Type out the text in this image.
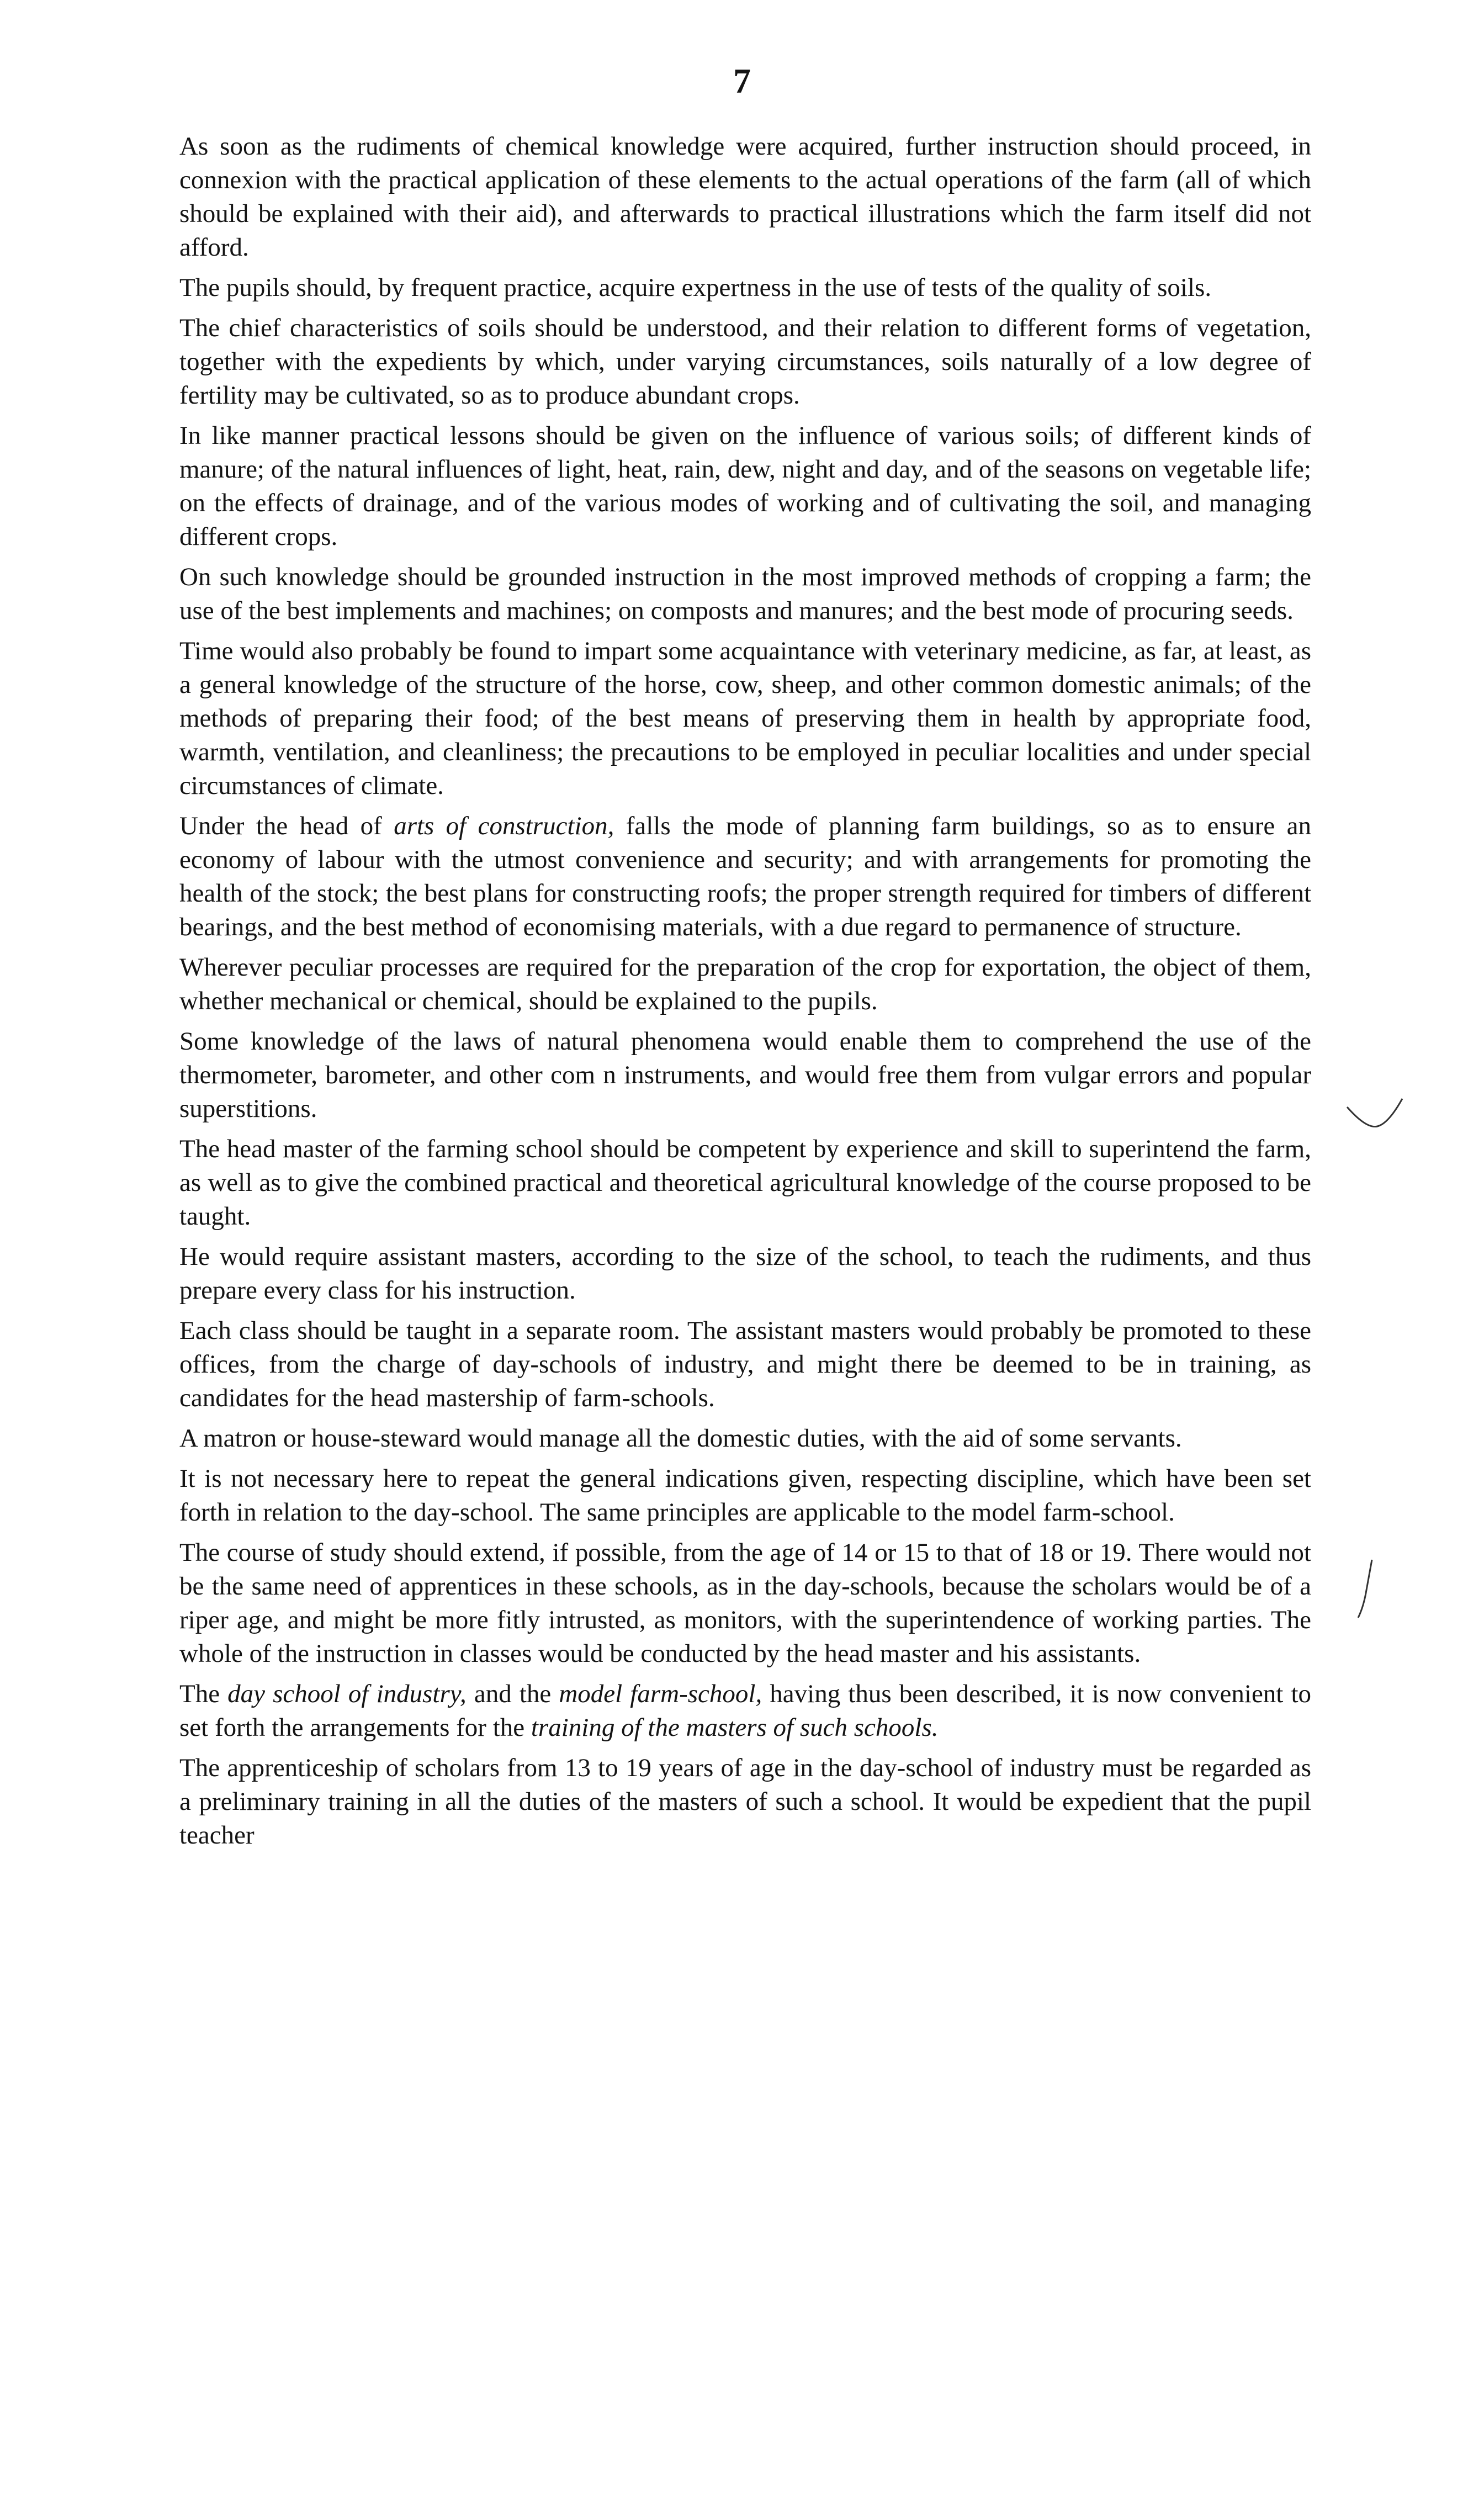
7

As soon as the rudiments of chemical knowledge were acquired, further instruction should proceed, in connexion with the practical application of these elements to the actual operations of the farm (all of which should be explained with their aid), and afterwards to practical illustrations which the farm itself did not afford.

The pupils should, by frequent practice, acquire expertness in the use of tests of the quality of soils.

The chief characteristics of soils should be understood, and their relation to different forms of vegetation, together with the expedients by which, under varying circumstances, soils naturally of a low degree of fertility may be cultivated, so as to produce abundant crops.

In like manner practical lessons should be given on the influence of various soils; of different kinds of manure; of the natural influences of light, heat, rain, dew, night and day, and of the seasons on vegetable life; on the effects of drainage, and of the various modes of working and of cultivating the soil, and managing different crops.

On such knowledge should be grounded instruction in the most improved methods of cropping a farm; the use of the best implements and machines; on composts and manures; and the best mode of procuring seeds.

Time would also probably be found to impart some acquaintance with veterinary medicine, as far, at least, as a general knowledge of the structure of the horse, cow, sheep, and other common domestic animals; of the methods of preparing their food; of the best means of preserving them in health by appropriate food, warmth, ventilation, and cleanliness; the precautions to be employed in peculiar localities and under special circumstances of climate.

Under the head of arts of construction, falls the mode of planning farm buildings, so as to ensure an economy of labour with the utmost convenience and security; and with arrangements for promoting the health of the stock; the best plans for constructing roofs; the proper strength required for timbers of different bearings, and the best method of economising materials, with a due regard to permanence of structure.

Wherever peculiar processes are required for the preparation of the crop for exportation, the object of them, whether mechanical or chemical, should be explained to the pupils.

Some knowledge of the laws of natural phenomena would enable them to comprehend the use of the thermometer, barometer, and other com n instruments, and would free them from vulgar errors and popular superstitions.

The head master of the farming school should be competent by experience and skill to superintend the farm, as well as to give the combined practical and theoretical agricultural knowledge of the course proposed to be taught.

He would require assistant masters, according to the size of the school, to teach the rudiments, and thus prepare every class for his instruction.

Each class should be taught in a separate room. The assistant masters would probably be promoted to these offices, from the charge of day-schools of industry, and might there be deemed to be in training, as candidates for the head mastership of farm-schools.

A matron or house-steward would manage all the domestic duties, with the aid of some servants.

It is not necessary here to repeat the general indications given, respecting discipline, which have been set forth in relation to the day-school. The same principles are applicable to the model farm-school.

The course of study should extend, if possible, from the age of 14 or 15 to that of 18 or 19. There would not be the same need of apprentices in these schools, as in the day-schools, because the scholars would be of a riper age, and might be more fitly intrusted, as monitors, with the superintendence of working parties. The whole of the instruction in classes would be conducted by the head master and his assistants.

The day school of industry, and the model farm-school, having thus been described, it is now convenient to set forth the arrangements for the training of the masters of such schools.

The apprenticeship of scholars from 13 to 19 years of age in the day-school of industry must be regarded as a preliminary training in all the duties of the masters of such a school. It would be expedient that the pupil teacher
